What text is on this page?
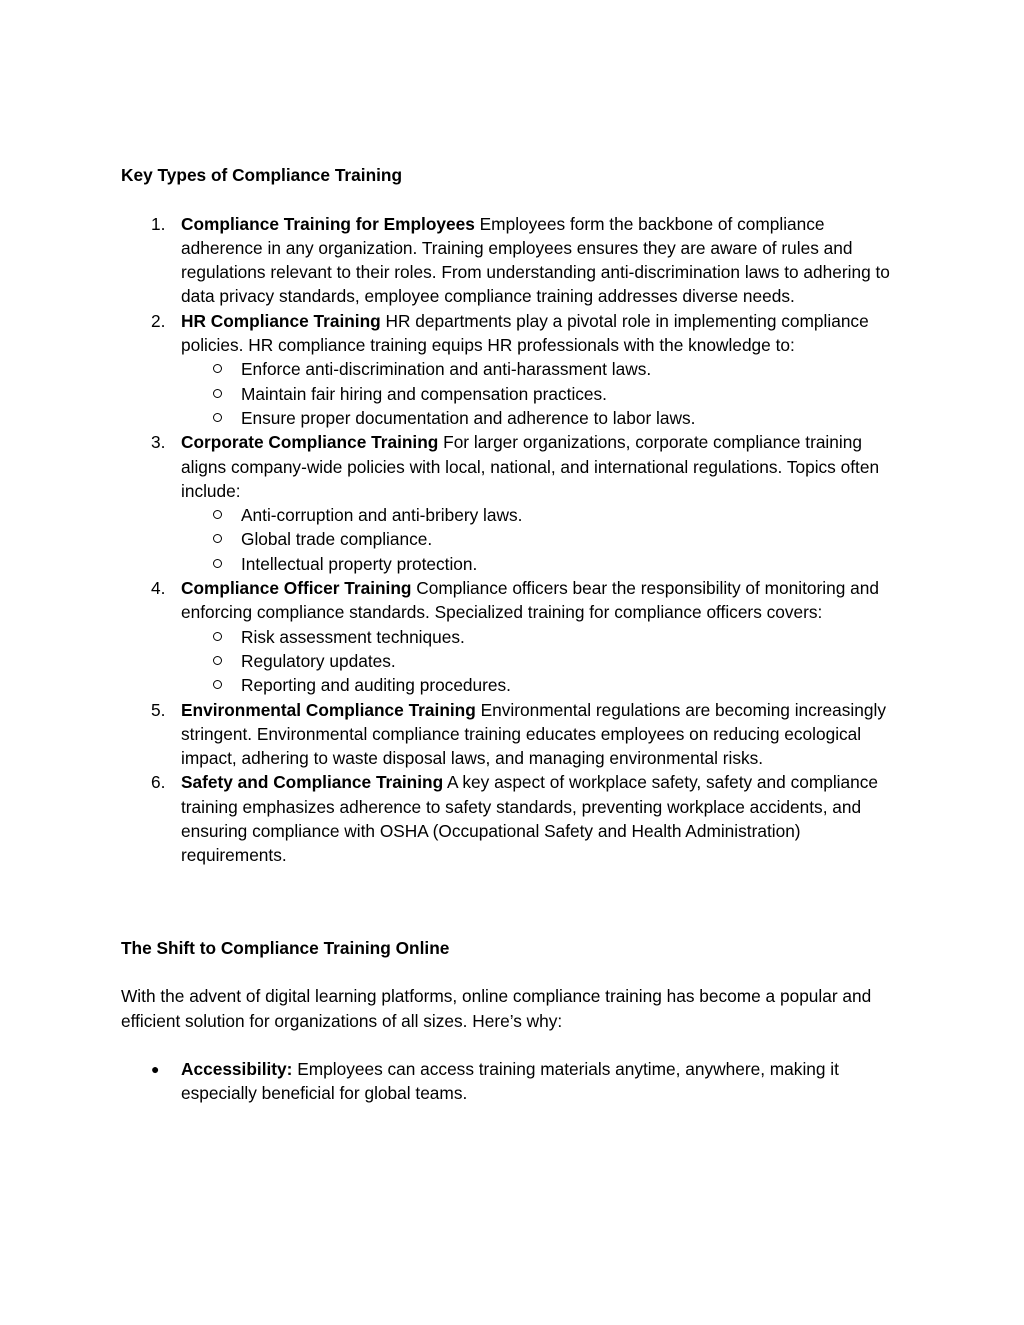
Key Types of Compliance Training

1. Compliance Training for Employees Employees form the backbone of compliance adherence in any organization. Training employees ensures they are aware of rules and regulations relevant to their roles. From understanding anti-discrimination laws to adhering to data privacy standards, employee compliance training addresses diverse needs.
2. HR Compliance Training HR departments play a pivotal role in implementing compliance policies. HR compliance training equips HR professionals with the knowledge to:
Enforce anti-discrimination and anti-harassment laws.
Maintain fair hiring and compensation practices.
Ensure proper documentation and adherence to labor laws.
3. Corporate Compliance Training For larger organizations, corporate compliance training aligns company-wide policies with local, national, and international regulations. Topics often include:
Anti-corruption and anti-bribery laws.
Global trade compliance.
Intellectual property protection.
4. Compliance Officer Training Compliance officers bear the responsibility of monitoring and enforcing compliance standards. Specialized training for compliance officers covers:
Risk assessment techniques.
Regulatory updates.
Reporting and auditing procedures.
5. Environmental Compliance Training Environmental regulations are becoming increasingly stringent. Environmental compliance training educates employees on reducing ecological impact, adhering to waste disposal laws, and managing environmental risks.
6. Safety and Compliance Training A key aspect of workplace safety, safety and compliance training emphasizes adherence to safety standards, preventing workplace accidents, and ensuring compliance with OSHA (Occupational Safety and Health Administration) requirements.

The Shift to Compliance Training Online

With the advent of digital learning platforms, online compliance training has become a popular and efficient solution for organizations of all sizes. Here’s why:

● Accessibility: Employees can access training materials anytime, anywhere, making it especially beneficial for global teams.
